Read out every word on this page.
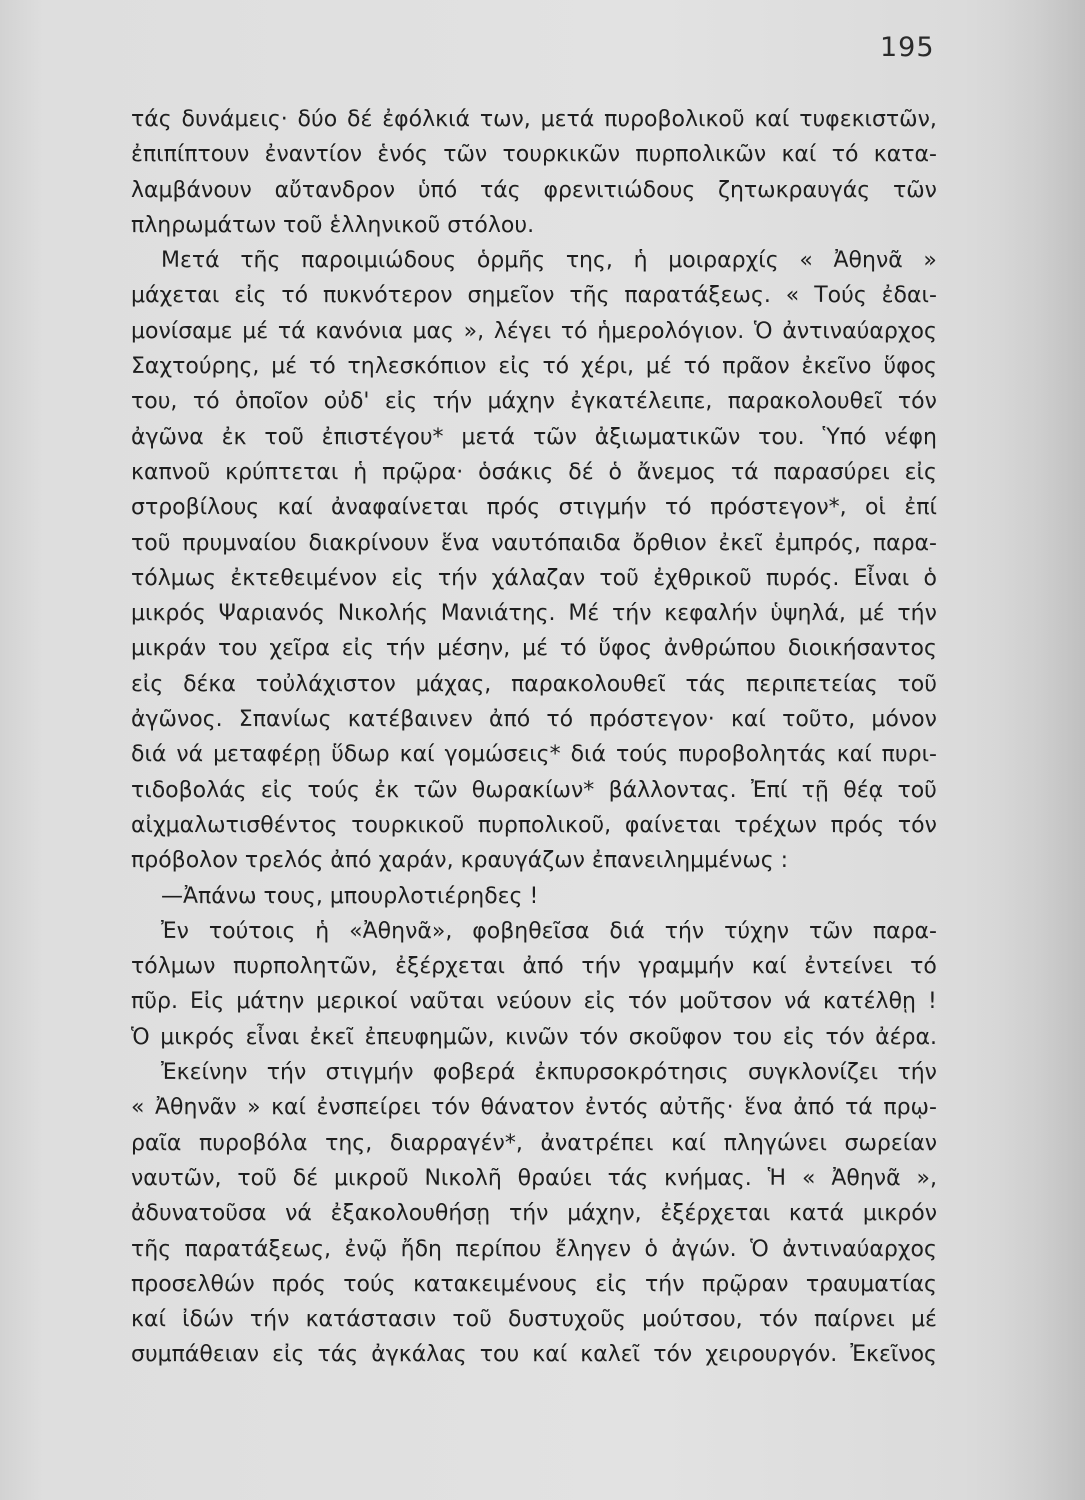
195
τάς δυνάμεις· δύο δέ ἐφόλκιά των, μετά πυροβολικοῦ καί τυφεκιστῶν,
ἐπιπίπτουν ἐναντίον ἑνός τῶν τουρκικῶν πυρπολικῶν καί τό κατα-
λαμβάνουν αὔτανδρον ὑπό τάς φρενιτιώδους ζητωκραυγάς τῶν
πληρωμάτων τοῦ ἑλληνικοῦ στόλου.
Μετά τῆς παροιμιώδους ὁρμῆς της, ἡ μοιραρχίς « Ἀθηνᾶ »
μάχεται εἰς τό πυκνότερον σημεῖον τῆς παρατάξεως. « Τούς ἐδαι-
μονίσαμε μέ τά κανόνια μας », λέγει τό ἡμερολόγιον. Ὁ ἀντιναύαρχος
Σαχτούρης, μέ τό τηλεσκόπιον εἰς τό χέρι, μέ τό πρᾶον ἐκεῖνο ὕφος
του, τό ὁποῖον οὐδ' εἰς τήν μάχην ἐγκατέλειπε, παρακολουθεῖ τόν
ἀγῶνα ἐκ τοῦ ἐπιστέγου* μετά τῶν ἀξιωματικῶν του. Ὑπό νέφη
καπνοῦ κρύπτεται ἡ πρῷρα· ὁσάκις δέ ὁ ἄνεμος τά παρασύρει εἰς
στροβίλους καί ἀναφαίνεται πρός στιγμήν τό πρόστεγον*, οἱ ἐπί
τοῦ πρυμναίου διακρίνουν ἕνα ναυτόπαιδα ὄρθιον ἐκεῖ ἐμπρός, παρα-
τόλμως ἐκτεθειμένον εἰς τήν χάλαζαν τοῦ ἐχθρικοῦ πυρός. Εἶναι ὁ
μικρός Ψαριανός Νικολής Μανιάτης. Μέ τήν κεφαλήν ὑψηλά, μέ τήν
μικράν του χεῖρα εἰς τήν μέσην, μέ τό ὕφος ἀνθρώπου διοικήσαντος
εἰς δέκα τοὐλάχιστον μάχας, παρακολουθεῖ τάς περιπετείας τοῦ
ἀγῶνος. Σπανίως κατέβαινεν ἀπό τό πρόστεγον· καί τοῦτο, μόνον
διά νά μεταφέρῃ ὕδωρ καί γομώσεις* διά τούς πυροβολητάς καί πυρι-
τιδοβολάς εἰς τούς ἐκ τῶν θωρακίων* βάλλοντας. Ἐπί τῇ θέᾳ τοῦ
αἰχμαλωτισθέντος τουρκικοῦ πυρπολικοῦ, φαίνεται τρέχων πρός τόν
πρόβολον τρελός ἀπό χαράν, κραυγάζων ἐπανειλημμένως :
—Ἀπάνω τους, μπουρλοτιέρηδες !
Ἐν τούτοις ἡ «Ἀθηνᾶ», φοβηθεῖσα διά τήν τύχην τῶν παρα-
τόλμων πυρπολητῶν, ἐξέρχεται ἀπό τήν γραμμήν καί ἐντείνει τό
πῦρ. Εἰς μάτην μερικοί ναῦται νεύουν εἰς τόν μοῦτσον νά κατέλθῃ !
Ὁ μικρός εἶναι ἐκεῖ ἐπευφημῶν, κινῶν τόν σκοῦφον του εἰς τόν ἀέρα.
Ἐκείνην τήν στιγμήν φοβερά ἐκπυρσοκρότησις συγκλονίζει τήν
« Ἀθηνᾶν » καί ἐνσπείρει τόν θάνατον ἐντός αὐτῆς· ἕνα ἀπό τά πρῳ-
ραῖα πυροβόλα της, διαρραγέν*, ἀνατρέπει καί πληγώνει σωρείαν
ναυτῶν, τοῦ δέ μικροῦ Νικολῆ θραύει τάς κνήμας. Ἡ « Ἀθηνᾶ »,
ἀδυνατοῦσα νά ἐξακολουθήσῃ τήν μάχην, ἐξέρχεται κατά μικρόν
τῆς παρατάξεως, ἐνῷ ἤδη περίπου ἔληγεν ὁ ἀγών. Ὁ ἀντιναύαρχος
προσελθών πρός τούς κατακειμένους εἰς τήν πρῷραν τραυματίας
καί ἰδών τήν κατάστασιν τοῦ δυστυχοῦς μούτσου, τόν παίρνει μέ
συμπάθειαν εἰς τάς ἀγκάλας του καί καλεῖ τόν χειρουργόν. Ἐκεῖνος
